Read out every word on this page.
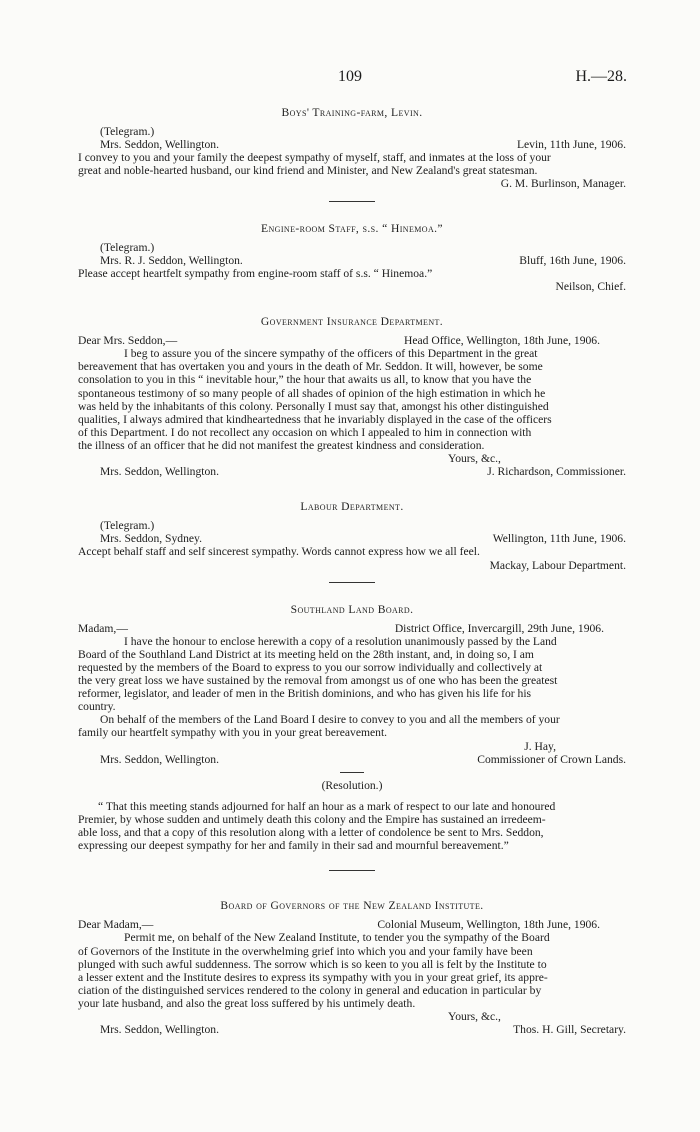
109	H.—28.
Boys' Training-farm, Levin.
(Telegram.)
Mrs. Seddon, Wellington.	Levin, 11th June, 1906.
I convey to you and your family the deepest sympathy of myself, staff, and inmates at the loss of your
great and noble-hearted husband, our kind friend and Minister, and New Zealand's great statesman.
G. M. Burlinson, Manager.
Engine-room Staff, s.s. “ Hinemoa.”
(Telegram.)
Mrs. R. J. Seddon, Wellington.	Bluff, 16th June, 1906.
Please accept heartfelt sympathy from engine-room staff of s.s. “ Hinemoa.”
Neilson, Chief.
Government Insurance Department.
Dear Mrs. Seddon,—	Head Office, Wellington, 18th June, 1906.
I beg to assure you of the sincere sympathy of the officers of this Department in the great
bereavement that has overtaken you and yours in the death of Mr. Seddon. It will, however, be some
consolation to you in this “ inevitable hour,” the hour that awaits us all, to know that you have the
spontaneous testimony of so many people of all shades of opinion of the high estimation in which he
was held by the inhabitants of this colony. Personally I must say that, amongst his other distinguished
qualities, I always admired that kindheartedness that he invariably displayed in the case of the officers
of this Department. I do not recollect any occasion on which I appealed to him in connection with
the illness of an officer that he did not manifest the greatest kindness and consideration.
Yours, &c.,
Mrs. Seddon, Wellington.	J. Richardson, Commissioner.
Labour Department.
(Telegram.)
Mrs. Seddon, Sydney.	Wellington, 11th June, 1906.
Accept behalf staff and self sincerest sympathy. Words cannot express how we all feel.
Mackay, Labour Department.
Southland Land Board.
Madam,—	District Office, Invercargill, 29th June, 1906.
I have the honour to enclose herewith a copy of a resolution unanimously passed by the Land
Board of the Southland Land District at its meeting held on the 28th instant, and, in doing so, I am
requested by the members of the Board to express to you our sorrow individually and collectively at
the very great loss we have sustained by the removal from amongst us of one who has been the greatest
reformer, legislator, and leader of men in the British dominions, and who has given his life for his
country.
On behalf of the members of the Land Board I desire to convey to you and all the members of your
family our heartfelt sympathy with you in your great bereavement.
J. Hay,
Mrs. Seddon, Wellington.	Commissioner of Crown Lands.
(Resolution.)
“ That this meeting stands adjourned for half an hour as a mark of respect to our late and honoured
Premier, by whose sudden and untimely death this colony and the Empire has sustained an irredeem-
able loss, and that a copy of this resolution along with a letter of condolence be sent to Mrs. Seddon,
expressing our deepest sympathy for her and family in their sad and mournful bereavement.”
Board of Governors of the New Zealand Institute.
Dear Madam,—	Colonial Museum, Wellington, 18th June, 1906.
Permit me, on behalf of the New Zealand Institute, to tender you the sympathy of the Board
of Governors of the Institute in the overwhelming grief into which you and your family have been
plunged with such awful suddenness. The sorrow which is so keen to you all is felt by the Institute to
a lesser extent and the Institute desires to express its sympathy with you in your great grief, its appre-
ciation of the distinguished services rendered to the colony in general and education in particular by
your late husband, and also the great loss suffered by his untimely death.
Yours, &c.,
Mrs. Seddon, Wellington.	Thos. H. Gill, Secretary.
